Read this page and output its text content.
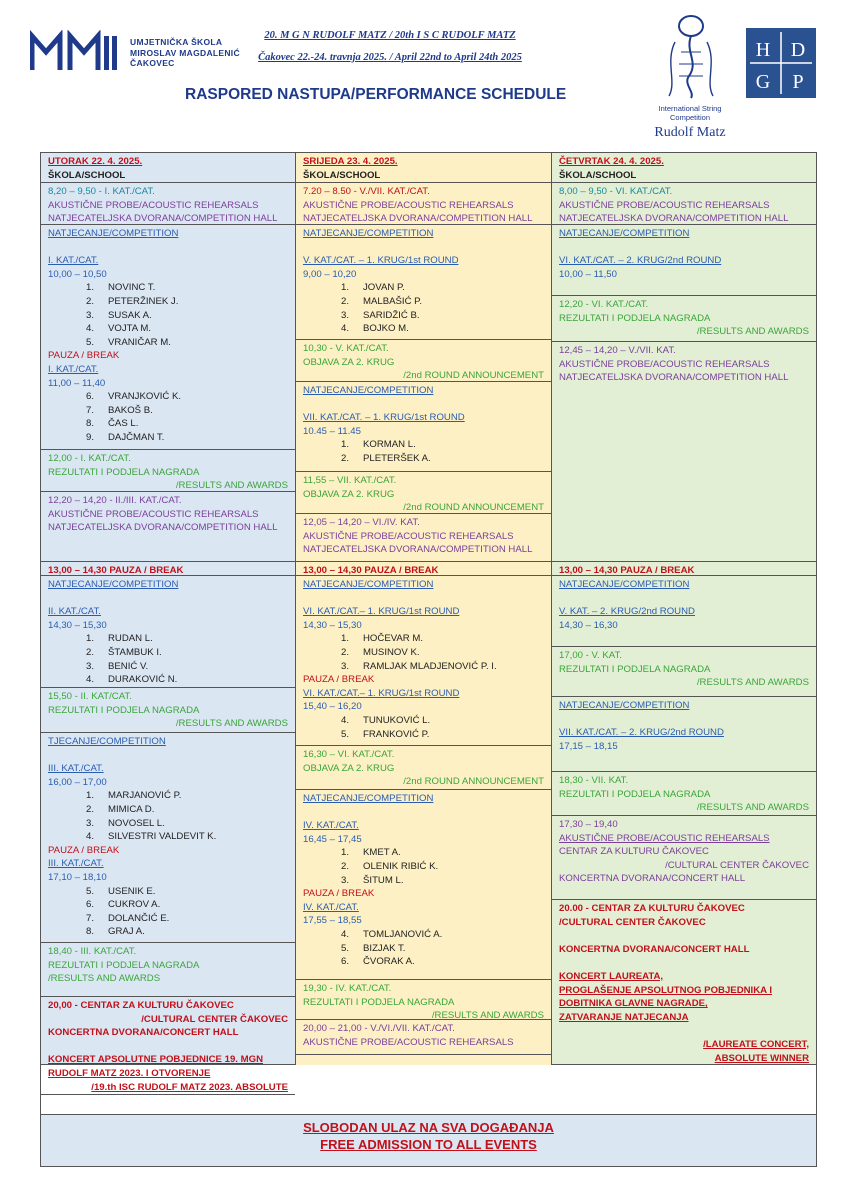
UMJETNIČKA ŠKOLA
MIROSLAV MAGDALENIĆ
ČAKOVEC
20. M G N RUDOLF MATZ / 20th I S C RUDOLF MATZ
Čakovec 22.-24. travnja 2025. / April 22nd to April 24th 2025
RASPORED NASTUPA/PERFORMANCE SCHEDULE
International String
Competition
Rudolf Matz
H D
G P
UTORAK 22. 4. 2025.
ŠKOLA/SCHOOL
8,20 – 9,50 - I. KAT./CAT.
AKUSTIČNE PROBE/ACOUSTIC REHEARSALS
NATJECATELJSKA DVORANA/COMPETITION HALL
NATJECANJE/COMPETITION
I. KAT./CAT.
10,00 – 10,50
1. NOVINC T.
2. PETERŽINEK J.
3. SUSAK A.
4. VOJTA M.
5. VRANIČAR M.
PAUZA / BREAK
I. KAT./CAT.
11,00 – 11,40
6. VRANJKOVIĆ K.
7. BAKOŠ B.
8. ČAS L.
9. DAJČMAN T.
12,00 - I. KAT./CAT.
REZULTATI I PODJELA NAGRADA
/RESULTS AND AWARDS
12,20 – 14,20 - II./III. KAT./CAT.
AKUSTIČNE PROBE/ACOUSTIC REHEARSALS
NATJECATELJSKA DVORANA/COMPETITION HALL
13,00 – 14,30 PAUZA / BREAK
NATJECANJE/COMPETITION
II. KAT./CAT.
14,30 – 15,30
1. RUDAN L.
2. ŠTAMBUK I.
3. BENIĆ V.
4. DURAKOVIĆ N.
15,50 - II. KAT/CAT.
REZULTATI I PODJELA NAGRADA
/RESULTS AND AWARDS
TJECANJE/COMPETITION
III. KAT./CAT.
16,00 – 17,00
1. MARJANOVIĆ P.
2. MIMICA D.
3. NOVOSEL L.
4. SILVESTRI VALDEVIT K.
PAUZA / BREAK
III. KAT./CAT.
17,10 – 18,10
5. USENIK E.
6. CUKROV A.
7. DOLANČIĆ E.
8. GRAJ A.
18,40 - III. KAT./CAT.
REZULTATI I PODJELA NAGRADA
/RESULTS AND AWARDS
20,00 - CENTAR ZA KULTURU ČAKOVEC
/CULTURAL CENTER ČAKOVEC
KONCERTNA DVORANA/CONCERT HALL
KONCERT APSOLUTNE POBJEDNICE 19. MGN
RUDOLF MATZ 2023. I OTVORENJE
/19.th ISC RUDOLF MATZ 2023. ABSOLUTE
SRIJEDA 23. 4. 2025.
ŠKOLA/SCHOOL
7.20 – 8.50 - V./VII. KAT./CAT.
AKUSTIČNE PROBE/ACOUSTIC REHEARSALS
NATJECATELJSKA DVORANA/COMPETITION HALL
NATJECANJE/COMPETITION
V. KAT./CAT. – 1. KRUG/1st ROUND
9,00 – 10,20
1. JOVAN P.
2. MALBAŠIĆ P.
3. SARIDŽIĆ B.
4. BOJKO M.
10,30 - V. KAT./CAT.
OBJAVA ZA 2. KRUG
/2nd ROUND ANNOUNCEMENT
NATJECANJE/COMPETITION
VII. KAT./CAT. – 1. KRUG/1st ROUND
10.45 – 11.45
1. KORMAN L.
2. PLETERŠEK A.
11,55 – VII. KAT./CAT.
OBJAVA ZA 2. KRUG
/2nd ROUND ANNOUNCEMENT
12,05 – 14,20 – VI./IV. KAT.
AKUSTIČNE PROBE/ACOUSTIC REHEARSALS
NATJECATELJSKA DVORANA/COMPETITION HALL
13,00 – 14,30 PAUZA / BREAK
NATJECANJE/COMPETITION
VI. KAT./CAT.– 1. KRUG/1st ROUND
14,30 – 15,30
1. HOČEVAR M.
2. MUSINOV K.
3. RAMLJAK MLADJENOVIĆ P. I.
PAUZA / BREAK
VI. KAT./CAT.– 1. KRUG/1st ROUND
15,40 – 16,20
4. TUNUKOVIĆ L.
5. FRANKOVIĆ P.
16,30 – VI. KAT./CAT.
OBJAVA ZA 2. KRUG
/2nd ROUND ANNOUNCEMENT
NATJECANJE/COMPETITION
IV. KAT./CAT.
16,45 – 17,45
1. KMET A.
2. OLENIK RIBIĆ K.
3. ŠITUM L.
PAUZA / BREAK
IV. KAT./CAT.
17,55 – 18,55
4. TOMLJANOVIĆ A.
5. BIZJAK T.
6. ČVORAK A.
19,30 - IV. KAT./CAT.
REZULTATI I PODJELA NAGRADA
/RESULTS AND AWARDS
20,00 – 21,00 - V./VI./VII. KAT./CAT.
AKUSTIČNE PROBE/ACOUSTIC REHEARSALS
ČETVRTAK 24. 4. 2025.
ŠKOLA/SCHOOL
8,00 – 9,50 - VI. KAT./CAT.
AKUSTIČNE PROBE/ACOUSTIC REHEARSALS
NATJECATELJSKA DVORANA/COMPETITION HALL
NATJECANJE/COMPETITION
VI. KAT./CAT. – 2. KRUG/2nd ROUND
10,00 – 11,50
12,20 - VI. KAT./CAT.
REZULTATI I PODJELA NAGRADA
/RESULTS AND AWARDS
12,45 – 14,20 – V./VII. KAT.
AKUSTIČNE PROBE/ACOUSTIC REHEARSALS
NATJECATELJSKA DVORANA/COMPETITION HALL
13,00 – 14,30 PAUZA / BREAK
NATJECANJE/COMPETITION
V. KAT. – 2. KRUG/2nd ROUND
14,30 – 16,30
17,00 - V. KAT.
REZULTATI I PODJELA NAGRADA
/RESULTS AND AWARDS
NATJECANJE/COMPETITION
VII. KAT./CAT. – 2. KRUG/2nd ROUND
17,15 – 18,15
18,30 - VII. KAT.
REZULTATI I PODJELA NAGRADA
/RESULTS AND AWARDS
17,30 – 19,40
AKUSTIČNE PROBE/ACOUSTIC REHEARSALS
CENTAR ZA KULTURU ČAKOVEC
/CULTURAL CENTER ČAKOVEC
KONCERTNA DVORANA/CONCERT HALL
20.00 - CENTAR ZA KULTURU ČAKOVEC
/CULTURAL CENTER ČAKOVEC
KONCERTNA DVORANA/CONCERT HALL
KONCERT LAUREATA,
PROGLAŠENJE APSOLUTNOG POBJEDNIKA I
DOBITNIKA GLAVNE NAGRADE,
ZATVARANJE NATJECANJA
/LAUREATE CONCERT,
ABSOLUTE WINNER
SLOBODAN ULAZ NA SVA DOGAĐANJA
FREE ADMISSION TO ALL EVENTS
